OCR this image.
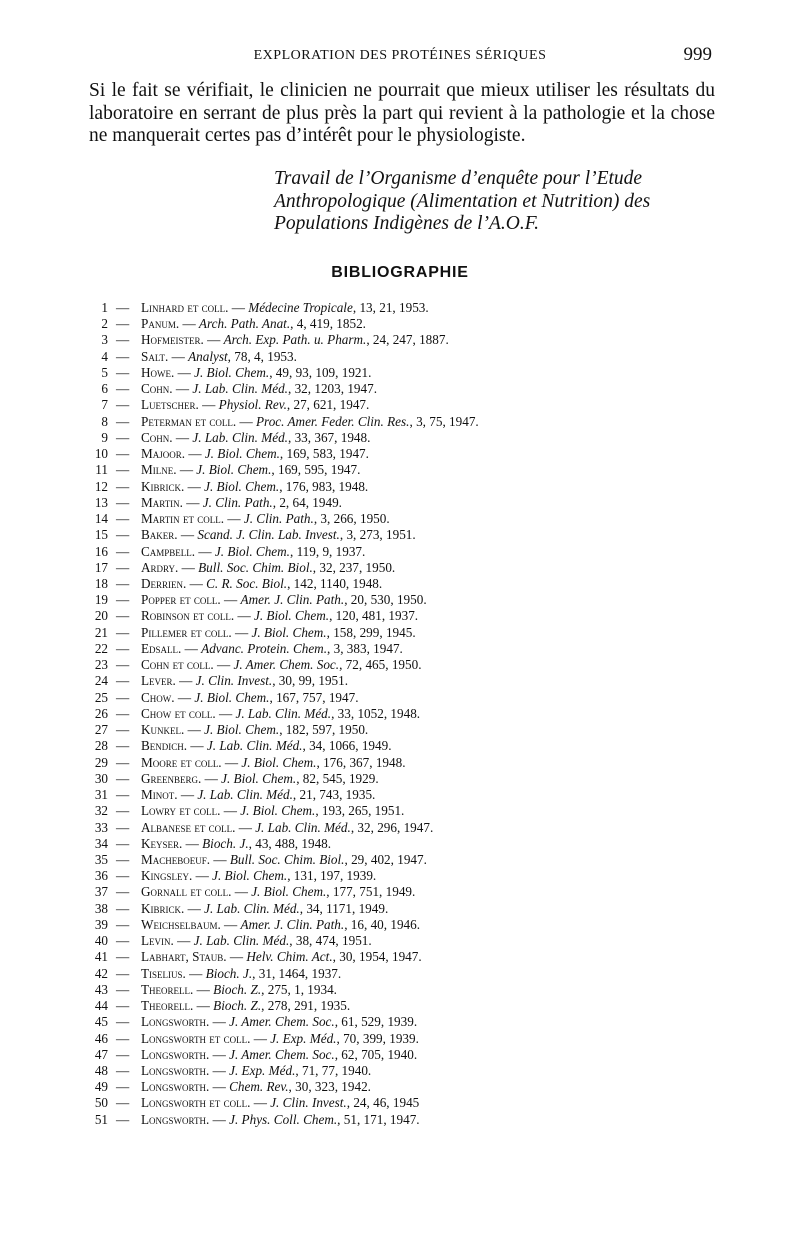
EXPLORATION DES PROTÉINES SÉRIQUES	999

Si le fait se vérifiait, le clinicien ne pourrait que mieux utiliser les résultats du laboratoire en serrant de plus près la part qui revient à la pathologie et la chose ne manquerait certes pas d’intérêt pour le physiologiste.

Travail de l’Organisme d’enquête pour l’Etude
Anthropologique (Alimentation et Nutrition) des
Populations Indigènes de l’A.O.F.
BIBLIOGRAPHIE
1 — Linhard et coll. — Médecine Tropicale, 13, 21, 1953.
2 — Panum. — Arch. Path. Anat., 4, 419, 1852.
3 — Hofmeister. — Arch. Exp. Path. u. Pharm., 24, 247, 1887.
4 — Salt. — Analyst, 78, 4, 1953.
5 — Howe. — J. Biol. Chem., 49, 93, 109, 1921.
6 — Cohn. — J. Lab. Clin. Méd., 32, 1203, 1947.
7 — Luetscher. — Physiol. Rev., 27, 621, 1947.
8 — Peterman et coll. — Proc. Amer. Feder. Clin. Res., 3, 75, 1947.
9 — Cohn. — J. Lab. Clin. Méd., 33, 367, 1948.
10 — Majoor. — J. Biol. Chem., 169, 583, 1947.
11 — Milne. — J. Biol. Chem., 169, 595, 1947.
12 — Kibrick. — J. Biol. Chem., 176, 983, 1948.
13 — Martin. — J. Clin. Path., 2, 64, 1949.
14 — Martin et coll. — J. Clin. Path., 3, 266, 1950.
15 — Baker. — Scand. J. Clin. Lab. Invest., 3, 273, 1951.
16 — Campbell. — J. Biol. Chem., 119, 9, 1937.
17 — Ardry. — Bull. Soc. Chim. Biol., 32, 237, 1950.
18 — Derrien. — C. R. Soc. Biol., 142, 1140, 1948.
19 — Popper et coll. — Amer. J. Clin. Path., 20, 530, 1950.
20 — Robinson et coll. — J. Biol. Chem., 120, 481, 1937.
21 — Pillemer et coll. — J. Biol. Chem., 158, 299, 1945.
22 — Edsall. — Advanc. Protein. Chem., 3, 383, 1947.
23 — Cohn et coll. — J. Amer. Chem. Soc., 72, 465, 1950.
24 — Lever. — J. Clin. Invest., 30, 99, 1951.
25 — Chow. — J. Biol. Chem., 167, 757, 1947.
26 — Chow et coll. — J. Lab. Clin. Méd., 33, 1052, 1948.
27 — Kunkel. — J. Biol. Chem., 182, 597, 1950.
28 — Bendich. — J. Lab. Clin. Méd., 34, 1066, 1949.
29 — Moore et coll. — J. Biol. Chem., 176, 367, 1948.
30 — Greenberg. — J. Biol. Chem., 82, 545, 1929.
31 — Minot. — J. Lab. Clin. Méd., 21, 743, 1935.
32 — Lowry et coll. — J. Biol. Chem., 193, 265, 1951.
33 — Albanese et coll. — J. Lab. Clin. Méd., 32, 296, 1947.
34 — Keyser. — Bioch. J., 43, 488, 1948.
35 — Macheboeuf. — Bull. Soc. Chim. Biol., 29, 402, 1947.
36 — Kingsley. — J. Biol. Chem., 131, 197, 1939.
37 — Gornall et coll. — J. Biol. Chem., 177, 751, 1949.
38 — Kibrick. — J. Lab. Clin. Méd., 34, 1171, 1949.
39 — Weichselbaum. — Amer. J. Clin. Path., 16, 40, 1946.
40 — Levin. — J. Lab. Clin. Méd., 38, 474, 1951.
41 — Labhart, Staub. — Helv. Chim. Act., 30, 1954, 1947.
42 — Tiselius. — Bioch. J., 31, 1464, 1937.
43 — Theorell. — Bioch. Z., 275, 1, 1934.
44 — Theorell. — Bioch. Z., 278, 291, 1935.
45 — Longsworth. — J. Amer. Chem. Soc., 61, 529, 1939.
46 — Longsworth et coll. — J. Exp. Méd., 70, 399, 1939.
47 — Longsworth. — J. Amer. Chem. Soc., 62, 705, 1940.
48 — Longsworth. — J. Exp. Méd., 71, 77, 1940.
49 — Longsworth. — Chem. Rev., 30, 323, 1942.
50 — Longsworth et coll. — J. Clin. Invest., 24, 46, 1945
51 — Longsworth. — J. Phys. Coll. Chem., 51, 171, 1947.
